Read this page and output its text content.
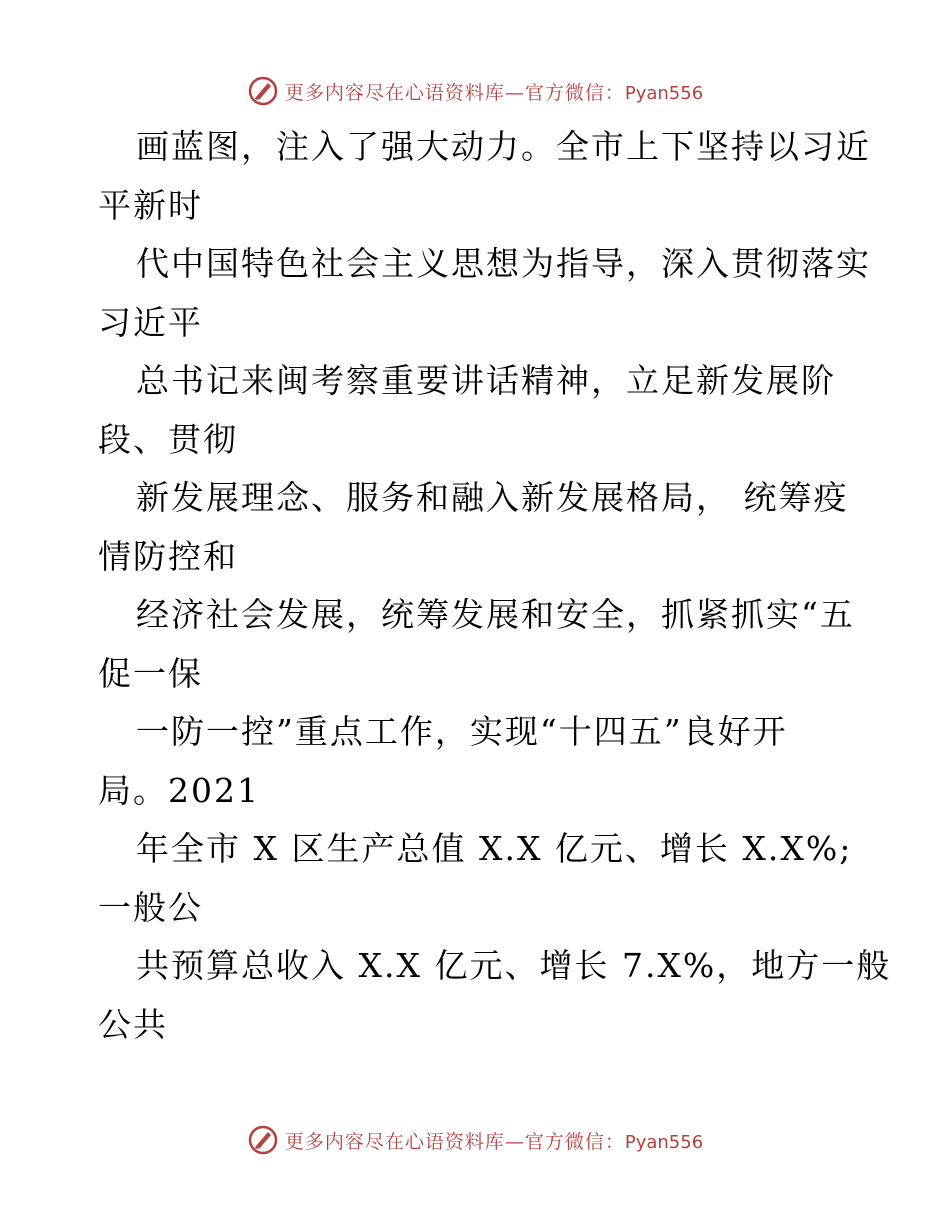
更多内容尽在心语资料库—官方微信：Pyan556
画蓝图，注入了强大动力。全市上下坚持以习近
平新时
代中国特色社会主义思想为指导，深入贯彻落实
习近平
总书记来闽考察重要讲话精神，立足新发展阶
段、贯彻
新发展理念、服务和融入新发展格局， 统筹疫
情防控和
经济社会发展，统筹发展和安全，抓紧抓实“五
促一保
一防一控”重点工作，实现“十四五”良好开
局。2021
年全市 X 区生产总值 X.X 亿元、增长 X.X%;
一般公
共预算总收入 X.X 亿元、增长 7.X%，地方一般
公共
更多内容尽在心语资料库—官方微信：Pyan556
